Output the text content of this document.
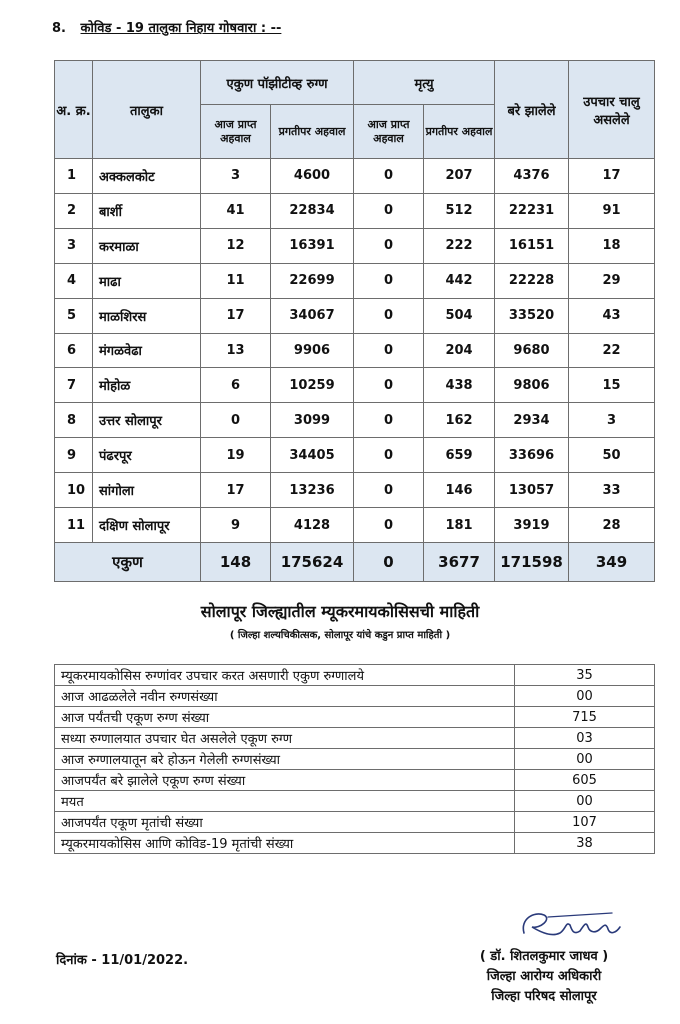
8. कोविड - 19 तालुका निहाय गोषवारा : --
अ. क्र.	तालुका	एकुण पॉझीटीव्ह रुग्ण		मृत्यु		बरे झालेले	उपचार चालु असलेले
		आज प्राप्त अहवाल	प्रगतीपर अहवाल	आज प्राप्त अहवाल	प्रगतीपर अहवाल		
1	अक्कलकोट	3	4600	0	207	4376	17
2	बार्शी	41	22834	0	512	22231	91
3	करमाळा	12	16391	0	222	16151	18
4	माढा	11	22699	0	442	22228	29
5	माळशिरस	17	34067	0	504	33520	43
6	मंगळवेढा	13	9906	0	204	9680	22
7	मोहोळ	6	10259	0	438	9806	15
8	उत्तर सोलापूर	0	3099	0	162	2934	3
9	पंढरपूर	19	34405	0	659	33696	50
10	सांगोला	17	13236	0	146	13057	33
11	दक्षिण सोलापूर	9	4128	0	181	3919	28
एकुण		148	175624	0	3677	171598	349
सोलापूर जिल्ह्यातील म्यूकरमायकोसिसची माहिती
( जिल्हा शल्यचिकीत्सक, सोलापूर यांचे कडुन प्राप्त माहिती )
म्यूकरमायकोसिस रुग्णांवर उपचार करत असणारी एकुण रुग्णालये	35
आज आढळलेले नवीन रुग्णसंख्या	00
आज पर्यंतची एकूण रुग्ण संख्या	715
सध्या रुग्णालयात उपचार घेत असलेले एकूण रुग्ण	03
आज रुग्णालयातून बरे होऊन गेलेली रुग्णसंख्या	00
आजपर्यंत बरे झालेले एकूण रुग्ण संख्या	605
मयत	00
आजपर्यंत एकूण मृतांची संख्या	107
म्यूकरमायकोसिस आणि कोविड-19 मृतांची संख्या	38
दिनांक - 11/01/2022.	( डॉ. शितलकुमार जाधव )
जिल्हा आरोग्य अधिकारी
जिल्हा परिषद सोलापूर
